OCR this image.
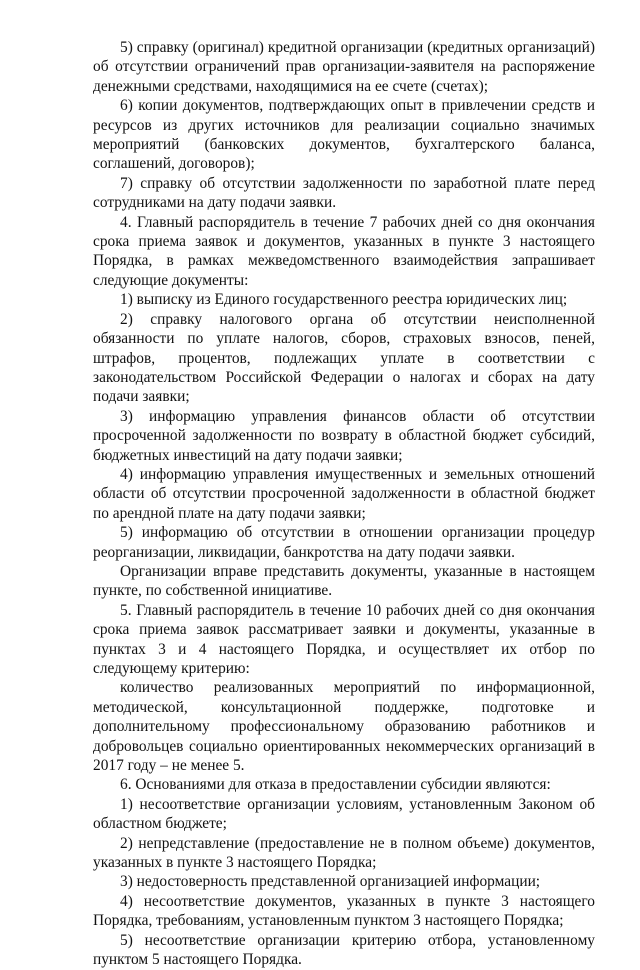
5) справку (оригинал) кредитной организации (кредитных организаций) об отсутствии ограничений прав организации-заявителя на распоряжение денежными средствами, находящимися на ее счете (счетах);

6) копии документов, подтверждающих опыт в привлечении средств и ресурсов из других источников для реализации социально значимых мероприятий (банковских документов, бухгалтерского баланса, соглашений, договоров);

7) справку об отсутствии задолженности по заработной плате перед сотрудниками на дату подачи заявки.

4. Главный распорядитель в течение 7 рабочих дней со дня окончания срока приема заявок и документов, указанных в пункте 3 настоящего Порядка, в рамках межведомственного взаимодействия запрашивает следующие документы:

1) выписку из Единого государственного реестра юридических лиц;

2) справку налогового органа об отсутствии неисполненной обязанности по уплате налогов, сборов, страховых взносов, пеней, штрафов, процентов, подлежащих уплате в соответствии с законодательством Российской Федерации о налогах и сборах на дату подачи заявки;

3) информацию управления финансов области об отсутствии просроченной задолженности по возврату в областной бюджет субсидий, бюджетных инвестиций на дату подачи заявки;

4) информацию управления имущественных и земельных отношений области об отсутствии просроченной задолженности в областной бюджет по арендной плате на дату подачи заявки;

5) информацию об отсутствии в отношении организации процедур реорганизации, ликвидации, банкротства на дату подачи заявки.

Организации вправе представить документы, указанные в настоящем пункте, по собственной инициативе.

5. Главный распорядитель в течение 10 рабочих дней со дня окончания срока приема заявок рассматривает заявки и документы, указанные в пунктах 3 и 4 настоящего Порядка, и осуществляет их отбор по следующему критерию:

количество реализованных мероприятий по информационной, методической, консультационной поддержке, подготовке и дополнительному профессиональному образованию работников и добровольцев социально ориентированных некоммерческих организаций в 2017 году – не менее 5.

6. Основаниями для отказа в предоставлении субсидии являются:

1) несоответствие организации условиям, установленным Законом об областном бюджете;

2) непредставление (предоставление не в полном объеме) документов, указанных в пункте 3 настоящего Порядка;

3) недостоверность представленной организацией информации;

4) несоответствие документов, указанных в пункте 3 настоящего Порядка, требованиям, установленным пунктом 3 настоящего Порядка;

5) несоответствие организации критерию отбора, установленному пунктом 5 настоящего Порядка.
